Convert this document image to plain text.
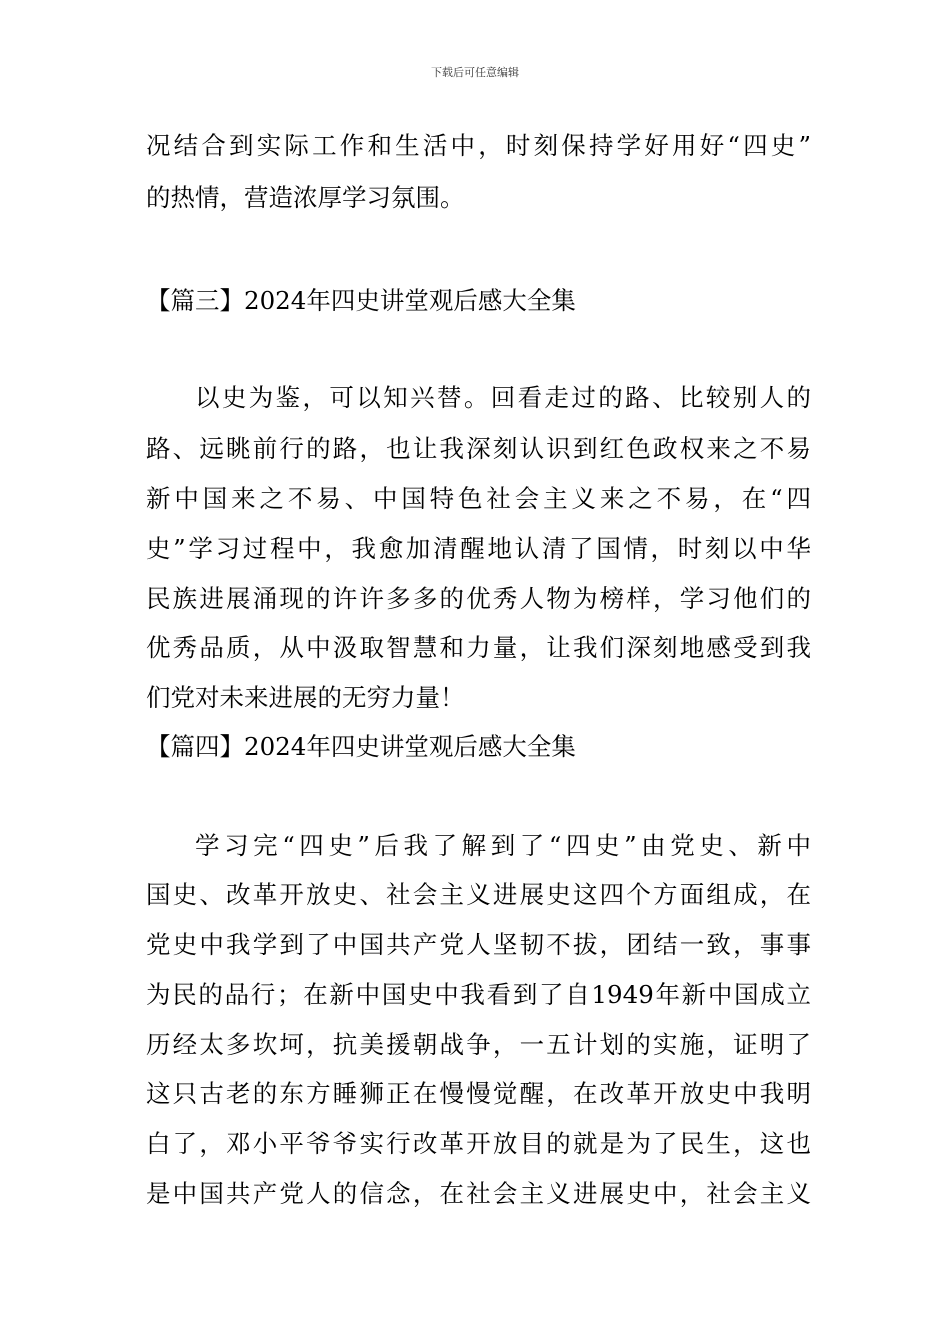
下载后可任意编辑
况结合到实际工作和生活中，时刻保持学好用好“四史”
的热情，营造浓厚学习氛围。
【篇三】2024年四史讲堂观后感大全集
以史为鉴，可以知兴替。回看走过的路、比较别人的
路、远眺前行的路，也让我深刻认识到红色政权来之不易
新中国来之不易、中国特色社会主义来之不易，在“四
史”学习过程中，我愈加清醒地认清了国情，时刻以中华
民族进展涌现的许许多多的优秀人物为榜样，学习他们的
优秀品质，从中汲取智慧和力量，让我们深刻地感受到我
们党对未来进展的无穷力量！
【篇四】2024年四史讲堂观后感大全集
学习完“四史”后我了解到了“四史”由党史、新中
国史、改革开放史、社会主义进展史这四个方面组成，在
党史中我学到了中国共产党人坚韧不拔，团结一致，事事
为民的品行；在新中国史中我看到了自1949年新中国成立
历经太多坎坷，抗美援朝战争，一五计划的实施，证明了
这只古老的东方睡狮正在慢慢觉醒，在改革开放史中我明
白了，邓小平爷爷实行改革开放目的就是为了民生，这也
是中国共产党人的信念，在社会主义进展史中，社会主义
